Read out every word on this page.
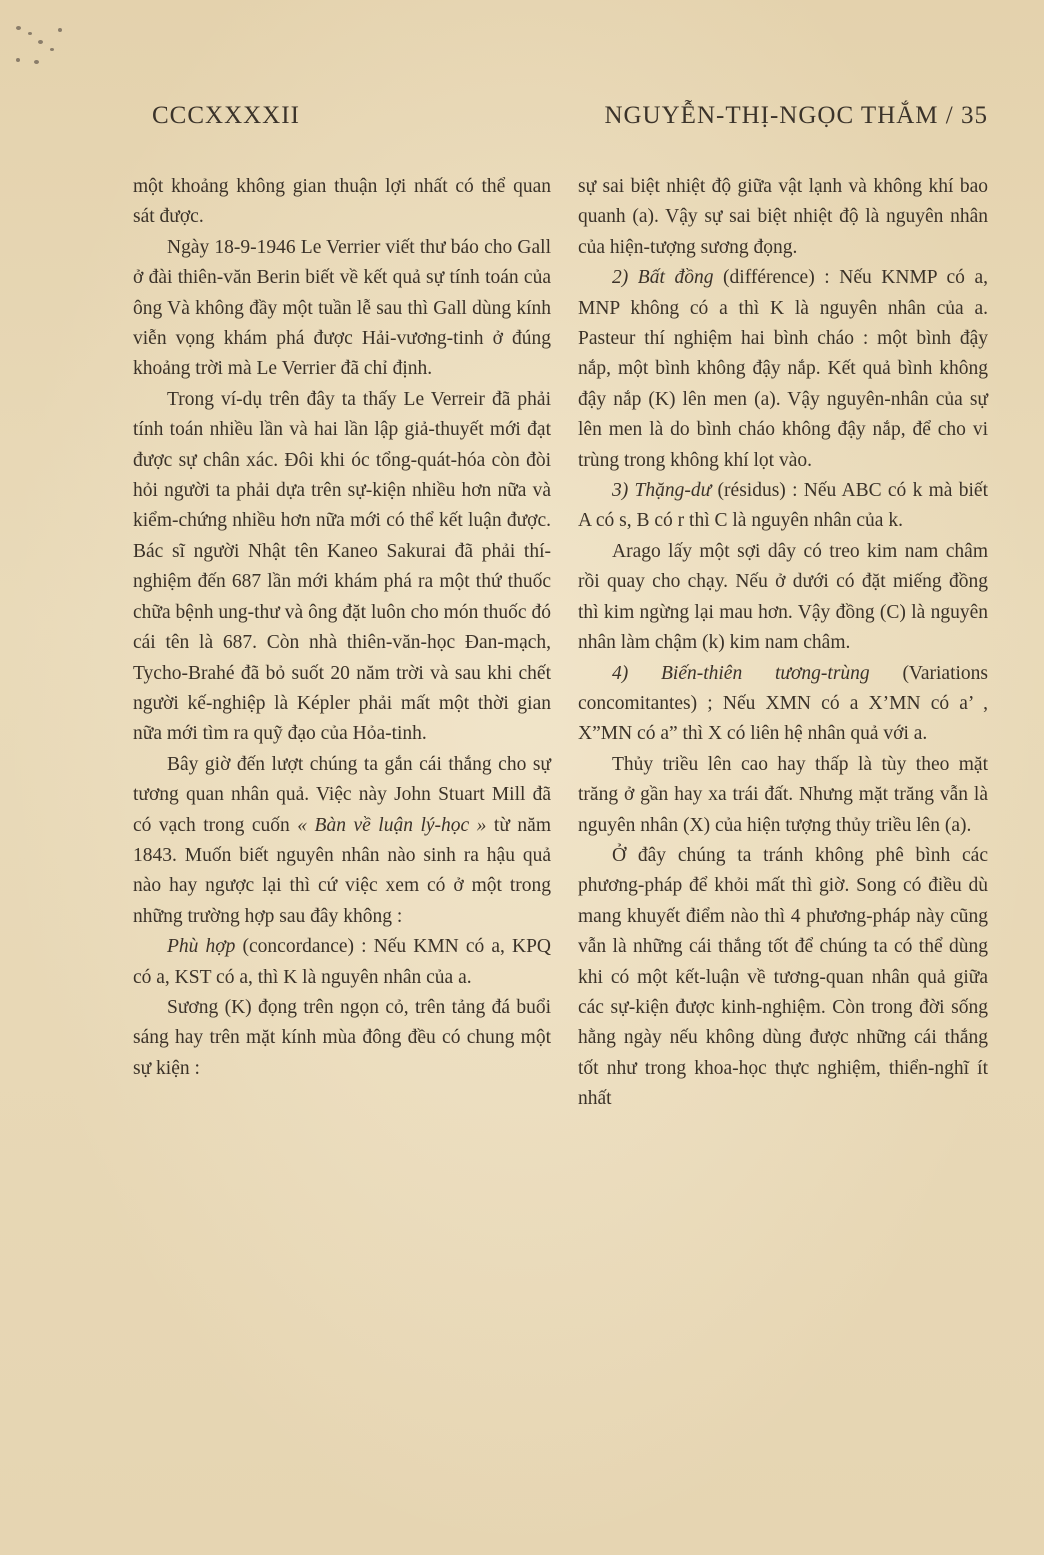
CCCXXXXII	NGUYỄN-THỊ-NGỌC THẮM / 35

một khoảng không gian thuận lợi nhất có thể quan sát được.

Ngày 18-9-1946 Le Verrier viết thư báo cho Gall ở đài thiên-văn Berin biết về kết quả sự tính toán của ông Và không đầy một tuần lễ sau thì Gall dùng kính viễn vọng khám phá được Hải-vương-tinh ở đúng khoảng trời mà Le Verrier đã chỉ định.

Trong ví-dụ trên đây ta thấy Le Verreir đã phải tính toán nhiều lần và hai lần lập giả-thuyết mới đạt được sự chân xác. Đôi khi óc tổng-quát-hóa còn đòi hỏi người ta phải dựa trên sự-kiện nhiều hơn nữa và kiểm-chứng nhiều hơn nữa mới có thể kết luận được. Bác sĩ người Nhật tên Kaneo Sakurai đã phải thí-nghiệm đến 687 lần mới khám phá ra một thứ thuốc chữa bệnh ung-thư và ông đặt luôn cho món thuốc đó cái tên là 687. Còn nhà thiên-văn-học Đan-mạch, Tycho-Brahé đã bỏ suốt 20 năm trời và sau khi chết người kế-nghiệp là Képler phải mất một thời gian nữa mới tìm ra quỹ đạo của Hỏa-tinh.

Bây giờ đến lượt chúng ta gắn cái thắng cho sự tương quan nhân quả. Việc này John Stuart Mill đã có vạch trong cuốn « Bàn về luận lý-học » từ năm 1843. Muốn biết nguyên nhân nào sinh ra hậu quả nào hay ngược lại thì cứ việc xem có ở một trong những trường hợp sau đây không :

Phù hợp (concordance) : Nếu KMN có a, KPQ có a, KST có a, thì K là nguyên nhân của a.

Sương (K) đọng trên ngọn cỏ, trên tảng đá buổi sáng hay trên mặt kính mùa đông đều có chung một sự kiện :

sự sai biệt nhiệt độ giữa vật lạnh và không khí bao quanh (a). Vậy sự sai biệt nhiệt độ là nguyên nhân của hiện-tượng sương đọng.

2) Bất đồng (différence) : Nếu KNMP có a, MNP không có a thì K là nguyên nhân của a. Pasteur thí nghiệm hai bình cháo : một bình đậy nắp, một bình không đậy nắp. Kết quả bình không đậy nắp (K) lên men (a). Vậy nguyên-nhân của sự lên men là do bình cháo không đậy nắp, để cho vi trùng trong không khí lọt vào.

3) Thặng-dư (résidus) : Nếu ABC có k mà biết A có s, B có r thì C là nguyên nhân của k.

Arago lấy một sợi dây có treo kim nam châm rồi quay cho chạy. Nếu ở dưới có đặt miếng đồng thì kim ngừng lại mau hơn. Vậy đồng (C) là nguyên nhân làm chậm (k) kim nam châm.

4) Biến-thiên tương-trùng (Variations concomitantes) ; Nếu XMN có a X’MN có a’ , X”MN có a” thì X có liên hệ nhân quả với a.

Thủy triều lên cao hay thấp là tùy theo mặt trăng ở gần hay xa trái đất. Nhưng mặt trăng vẫn là nguyên nhân (X) của hiện tượng thủy triều lên (a).

Ở đây chúng ta tránh không phê bình các phương-pháp để khỏi mất thì giờ. Song có điều dù mang khuyết điểm nào thì 4 phương-pháp này cũng vẫn là những cái thắng tốt để chúng ta có thể dùng khi có một kết-luận về tương-quan nhân quả giữa các sự-kiện được kinh-nghiệm. Còn trong đời sống hằng ngày nếu không dùng được những cái thắng tốt như trong khoa-học thực nghiệm, thiển-nghĩ ít nhất
